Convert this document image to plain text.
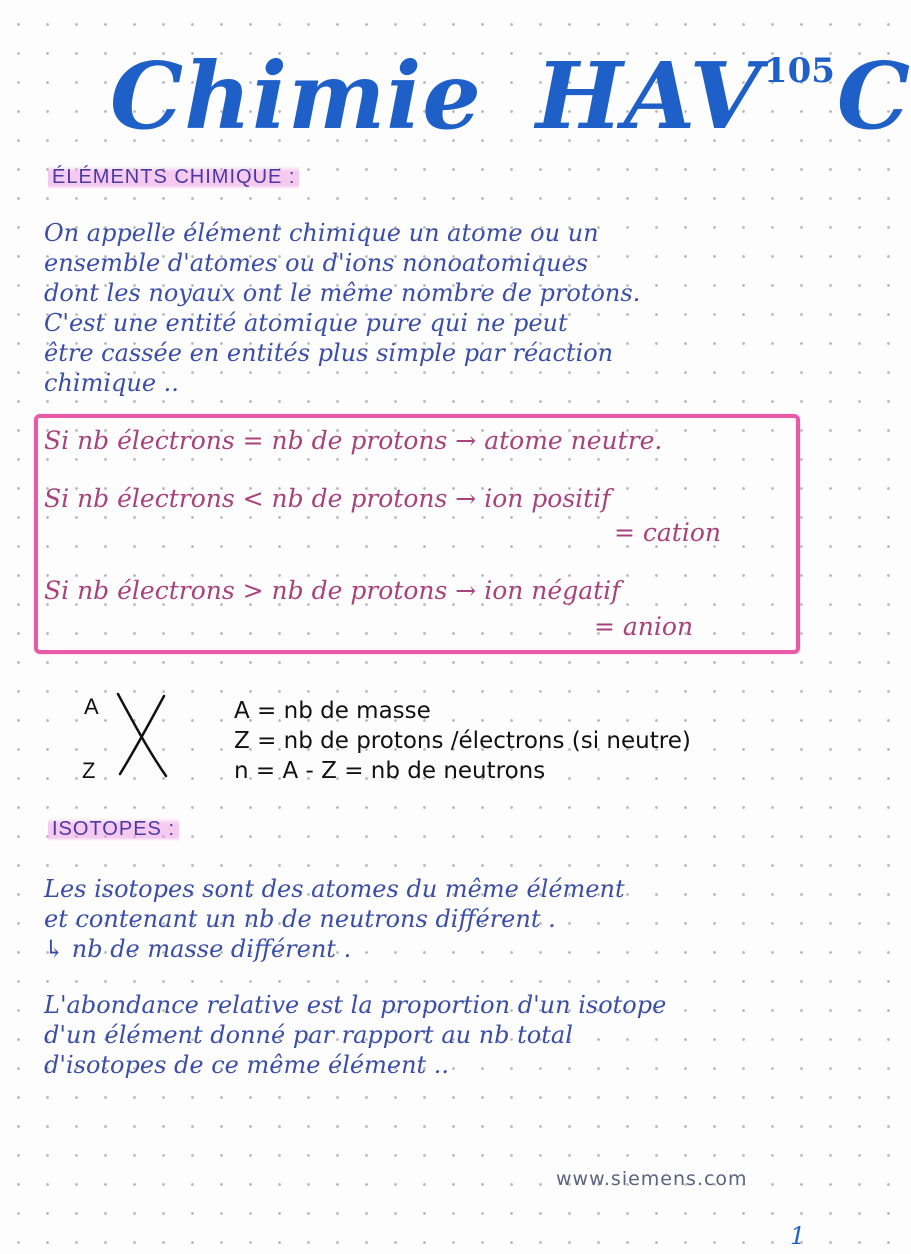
Chimie HAV$^{105}$C
ÉLÉMENTS CHIMIQUE :
On appelle élément chimique un atome ou un
ensemble d'atomes ou d'ions nonoatomiques
dont les noyaux ont le même nombre de protons.
C'est une entité atomique pure qui ne peut
être cassée en entités plus simple par réaction
chimique ..
Si nb électrons = nb de protons → atome neutre.
Si nb électrons < nb de protons → ion positif
= cation
Si nb électrons > nb de protons → ion négatif
= anion
A
Z
A = nb de masse
Z = nb de protons /électrons (si neutre)
n = A - Z = nb de neutrons
ISOTOPES :
Les isotopes sont des atomes du même élément
et contenant un nb de neutrons différent .
↳ nb de masse différent .
L'abondance relative est la proportion d'un isotope
d'un élément donné par rapport au nb total
d'isotopes de ce même élément ..
www.siemens.com
1
